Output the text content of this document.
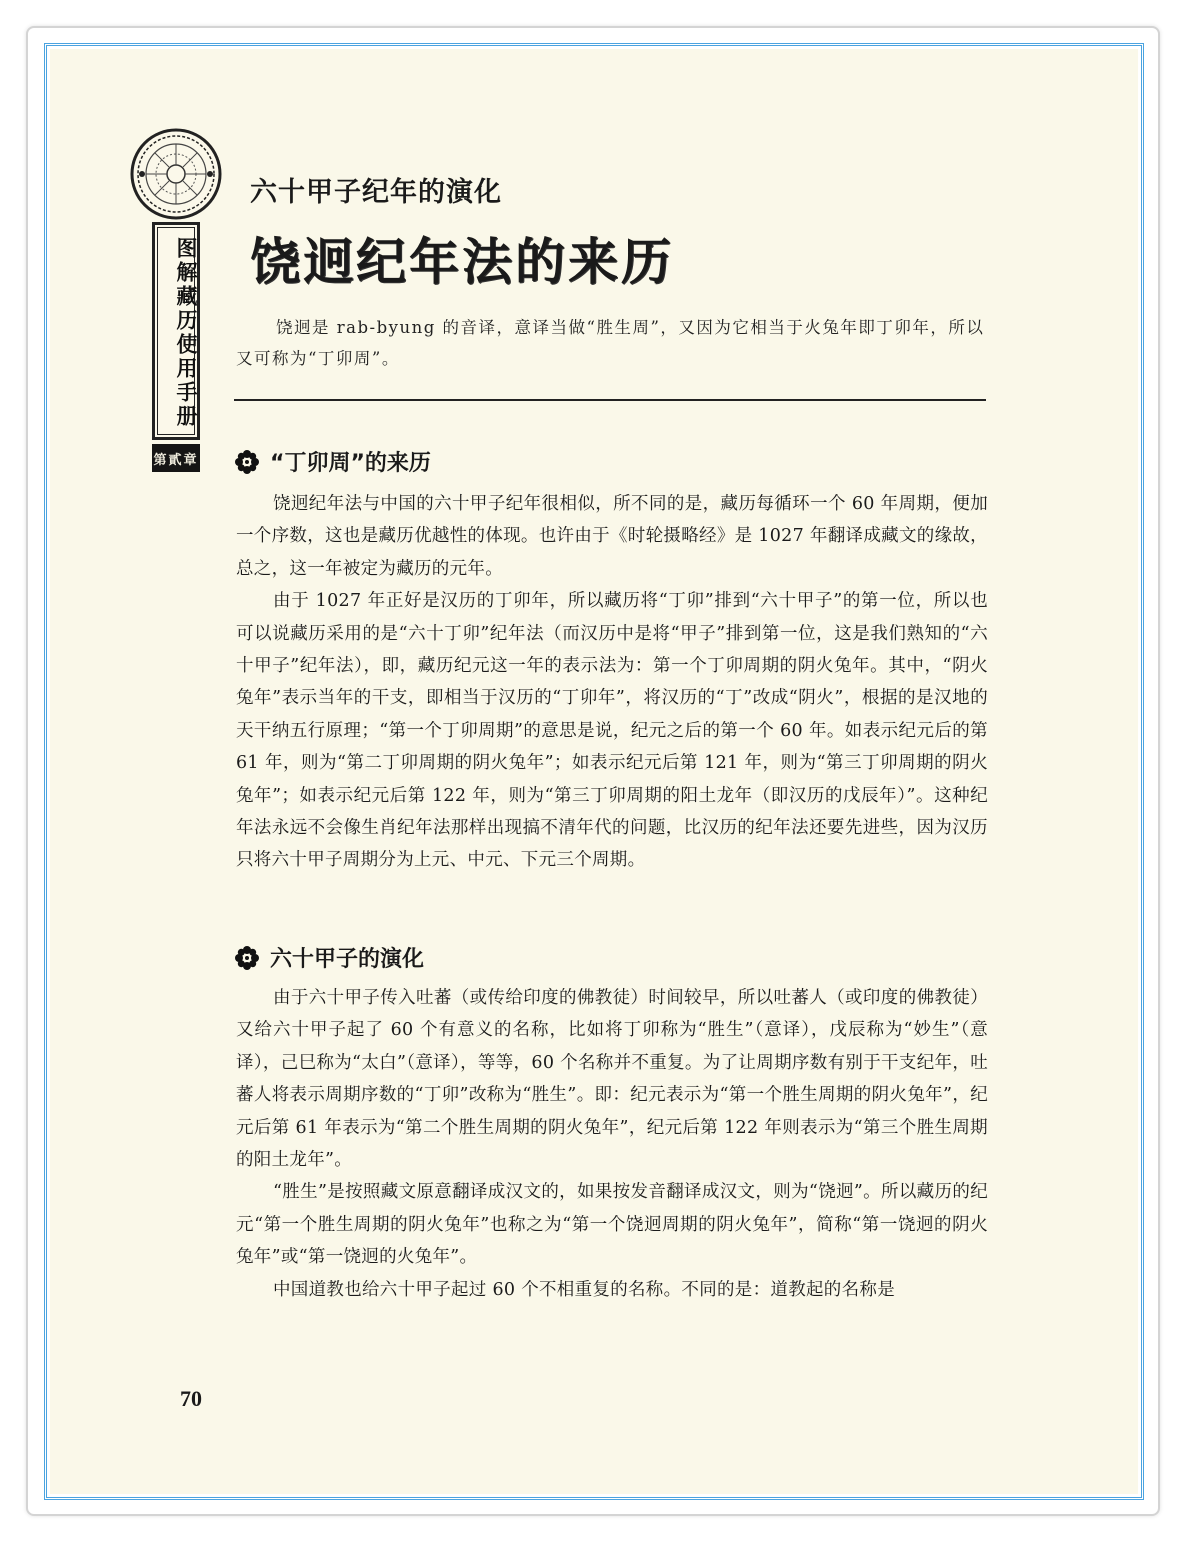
图解藏历使用手册
第貳章
六十甲子纪年的演化
饶迥纪年法的来历

饶迥是 rab-byung 的音译，意译当做“胜生周”，又因为它相当于火兔年即丁卯年，所以又可称为“丁卯周”。

“丁卯周”的来历

饶迥纪年法与中国的六十甲子纪年很相似，所不同的是，藏历每循环一个 60 年周期，便加一个序数，这也是藏历优越性的体现。也许由于《时轮摄略经》是 1027 年翻译成藏文的缘故，总之，这一年被定为藏历的元年。

由于 1027 年正好是汉历的丁卯年，所以藏历将“丁卯”排到“六十甲子”的第一位，所以也可以说藏历采用的是“六十丁卯”纪年法（而汉历中是将“甲子”排到第一位，这是我们熟知的“六十甲子”纪年法），即，藏历纪元这一年的表示法为：第一个丁卯周期的阴火兔年。其中，“阴火兔年”表示当年的干支，即相当于汉历的“丁卯年”，将汉历的“丁”改成“阴火”，根据的是汉地的天干纳五行原理；“第一个丁卯周期”的意思是说，纪元之后的第一个 60 年。如表示纪元后的第 61 年，则为“第二丁卯周期的阴火兔年”；如表示纪元后第 121 年，则为“第三丁卯周期的阴火兔年”；如表示纪元后第 122 年，则为“第三丁卯周期的阳土龙年（即汉历的戊辰年）”。这种纪年法永远不会像生肖纪年法那样出现搞不清年代的问题，比汉历的纪年法还要先进些，因为汉历只将六十甲子周期分为上元、中元、下元三个周期。

六十甲子的演化

由于六十甲子传入吐蕃（或传给印度的佛教徒）时间较早，所以吐蕃人（或印度的佛教徒）又给六十甲子起了 60 个有意义的名称，比如将丁卯称为“胜生”（意译），戊辰称为“妙生”（意译），己巳称为“太白”（意译），等等，60 个名称并不重复。为了让周期序数有别于干支纪年，吐蕃人将表示周期序数的“丁卯”改称为“胜生”。即：纪元表示为“第一个胜生周期的阴火兔年”，纪元后第 61 年表示为“第二个胜生周期的阴火兔年”，纪元后第 122 年则表示为“第三个胜生周期的阳土龙年”。

“胜生”是按照藏文原意翻译成汉文的，如果按发音翻译成汉文，则为“饶迥”。所以藏历的纪元“第一个胜生周期的阴火兔年”也称之为“第一个饶迥周期的阴火兔年”，简称“第一饶迥的阴火兔年”或“第一饶迥的火兔年”。

中国道教也给六十甲子起过 60 个不相重复的名称。不同的是：道教起的名称是

70
